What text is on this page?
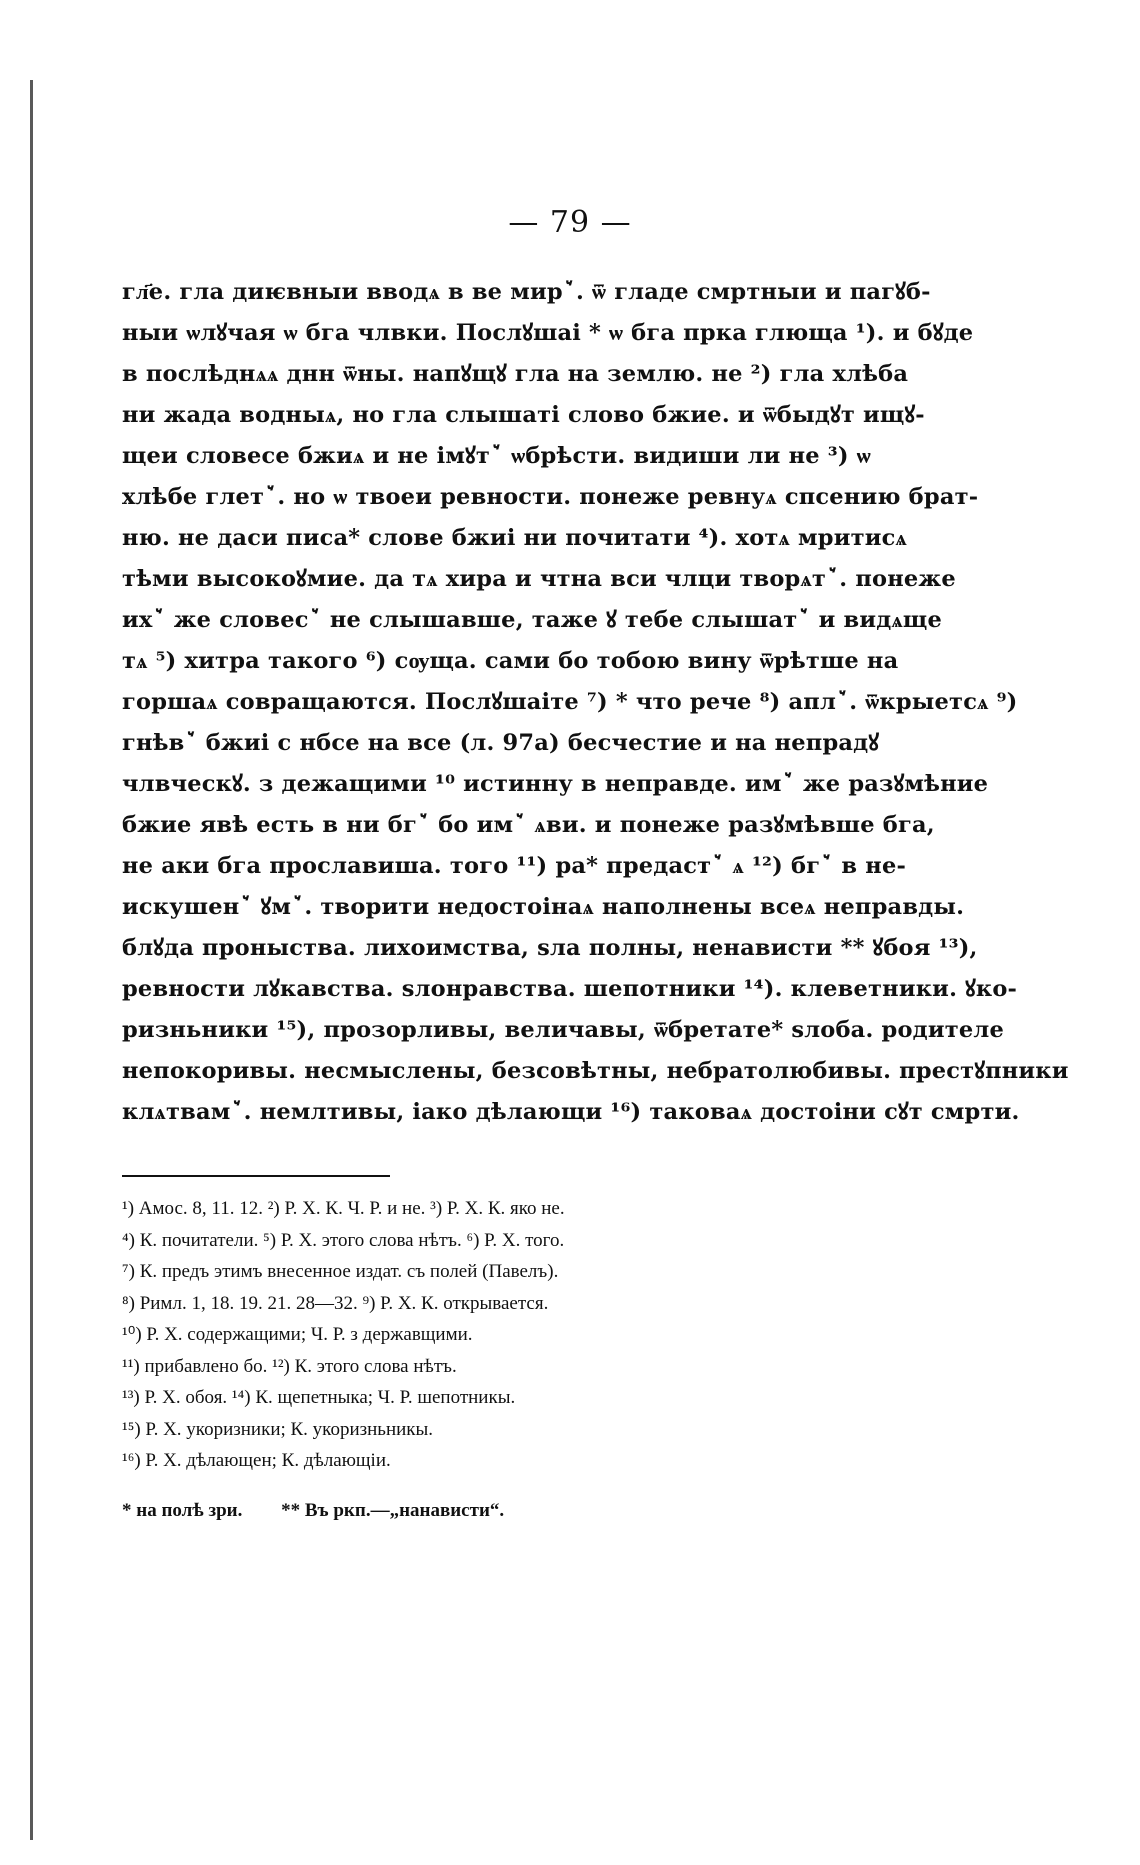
— 79 —
гл҃е. гла диѥвныи вводѧ в ве мирꙿ. ѿ гладе смртныи и пагꙋб-
ныи ѡлꙋчая ѡ бга члвки. Послꙋшаі * ѡ бга прка глюща ¹). и бꙋде
в послѣднѧѧ днн ѿны. напꙋщꙋ гла на землю. не ²) гла хлѣба
ни жада водныѧ, но гла слышаті слово бжие. и ѿбыдꙋт ищꙋ-
щеи словесе бжиѧ и не імꙋтꙿ ѡбрѣсти. видиши ли не ³) ѡ
хлѣбе глетꙿ. но ѡ твоеи ревности. понеже ревнуѧ спсению брат-
ню. не даси писа* слове бжиі ни почитати ⁴). хотѧ мритисѧ
тѣми высокоꙋмие. да тѧ хира и чтна вси члци творѧтꙿ. понеже
ихꙿ же словесꙿ не слышавше, таже ꙋ тебе слышатꙿ и видѧще
тѧ ⁵) хитра такого ⁶) сѹща. сами бо тобою вину ѿрѣтше на
горшаѧ совращаются. Послꙋшаіте ⁷) * что рече ⁸) аплꙿ. ѿкрыетсѧ ⁹)
гнѣвꙿ бжиі с нбсе на все (л. 97а) бесчестие и на непрадꙋ
члвческꙋ. з дежащими ¹⁰ истинну в неправде. имꙿ же разꙋмѣние
бжие явѣ есть в ни бгꙿ бо имꙿ ѧви. и понеже разꙋмѣвше бга,
не аки бга прославиша. того ¹¹) ра* предастꙿ ѧ ¹²) бгꙿ в не-
искушенꙿ ꙋмꙿ. творити недостоінаѧ наполнены всеѧ неправды.
блꙋда проныства. лихоимства, ѕла полны, ненависти ** ꙋбоя ¹³),
ревности лꙋкавства. ѕлонравства. шепотники ¹⁴). клеветники. ꙋко-
ризньники ¹⁵), прозорливы, величавы, ѿбретате* ѕлоба. родителе
непокоривы. несмыслены, безсовѣтны, небратолюбивы. престꙋпники
клѧтвамꙿ. немлтивы, іако дѣлающи ¹⁶) таковаѧ достоіни сꙋт смрти.
¹) Амос. 8, 11. 12. ²) Р. Х. К. Ч. Р. и не. ³) Р. Х. К. яко не.
⁴) К. почитатели. ⁵) Р. Х. этого слова нѣтъ. ⁶) Р. Х. того.
⁷) К. предъ этимъ внесенное издат. съ полей (Павелъ).
⁸) Римл. 1, 18. 19. 21. 28—32. ⁹) Р. Х. К. открывается.
¹⁰) Р. Х. содержащими; Ч. Р. з державщими.
¹¹) прибавлено бо. ¹²) К. этого слова нѣтъ.
¹³) Р. Х. обоя. ¹⁴) К. щепетныка; Ч. Р. шепотникы.
¹⁵) Р. Х. укоризники; К. укоризньникы.
¹⁶) Р. Х. дѣлающен; К. дѣлающіи.
* на полѣ зри. ** Въ ркп.—„нанависти“.
